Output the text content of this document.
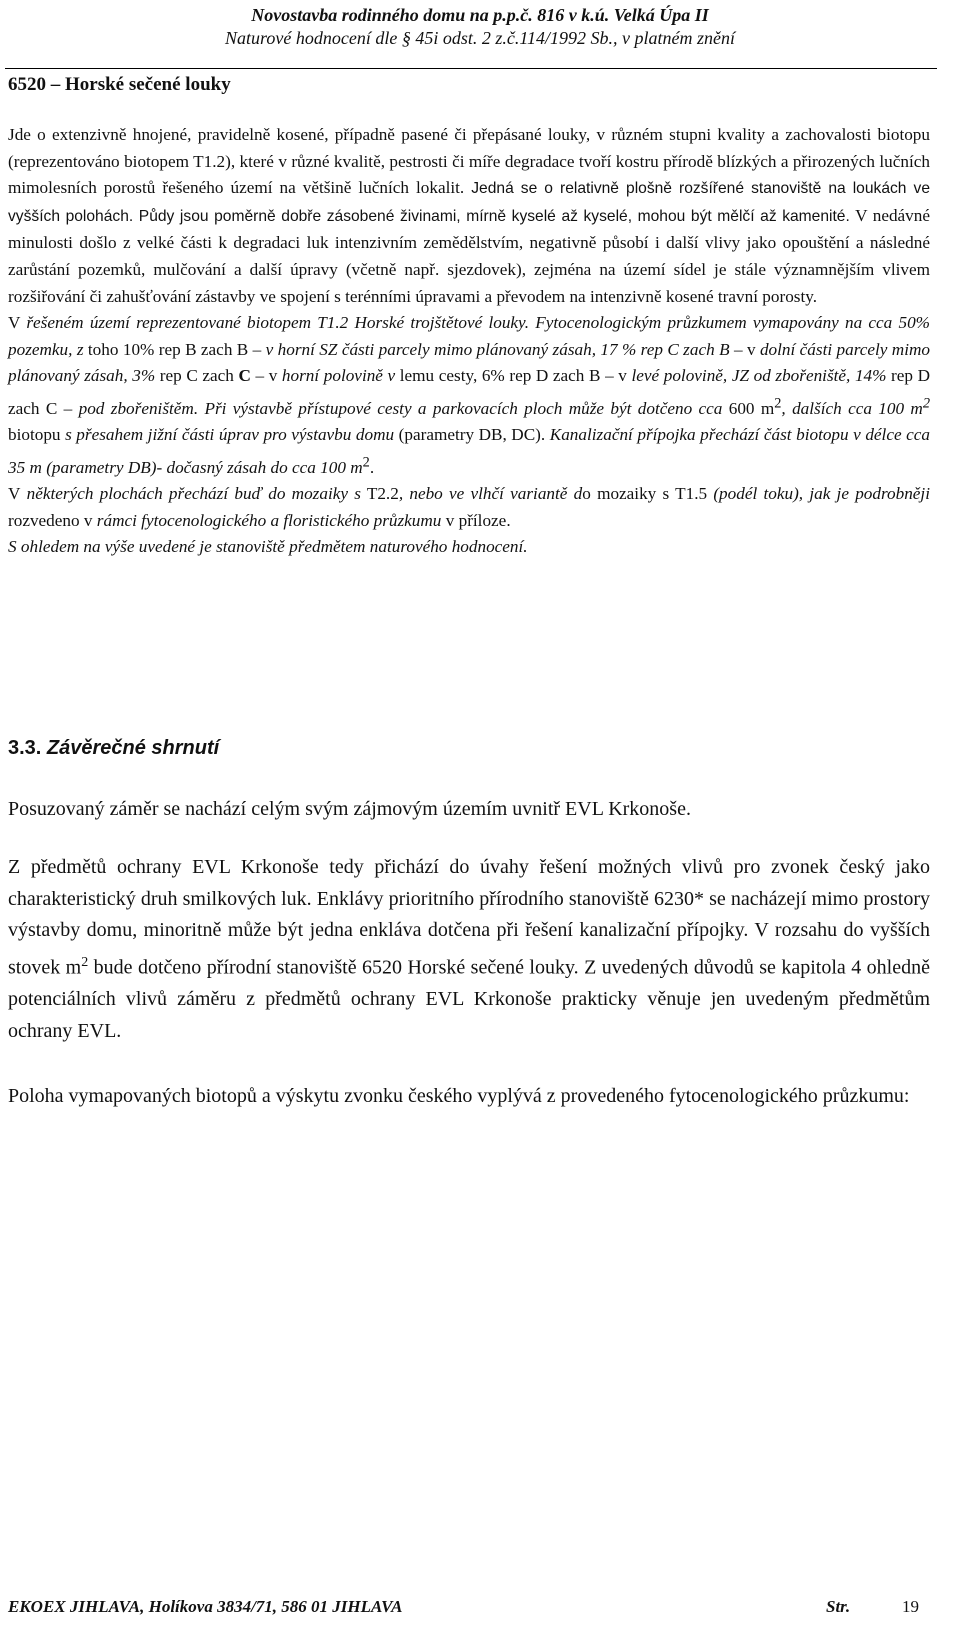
Novostavba rodinného domu na p.p.č. 816 v k.ú. Velká Úpa II
Naturové hodnocení dle § 45i odst. 2 z.č.114/1992 Sb., v platném znění
6520 – Horské sečené louky
Jde o extenzivně hnojené, pravidelně kosené, případně pasené či přepásané louky, v různém stupni kvality a zachovalosti biotopu (reprezentováno biotopem T1.2), které v různé kvalitě, pestrosti či míře degradace tvoří kostru přírodě blízkých a přirozených lučních mimolesních porostů řešeného území na většině lučních lokalit. Jedná se o relativně plošně rozšířené stanoviště na loukách ve vyšších polohách. Půdy jsou poměrně dobře zásobené živinami, mírně kyselé až kyselé, mohou být mělčí až kamenité. V nedávné minulosti došlo z velké části k degradaci luk intenzivním zemědělstvím, negativně působí i další vlivy jako opouštění a následné zarůstání pozemků, mulčování a další úpravy (včetně např. sjezdovek), zejména na území sídel je stále významnějším vlivem rozšiřování či zahušťování zástavby ve spojení s terénními úpravami a převodem na intenzivně kosené travní porosty.
V řešeném území reprezentované biotopem T1.2 Horské trojštětové louky. Fytocenologickým průzkumem vymapovány na cca 50% pozemku, z toho 10% rep B zach B – v horní SZ části parcely mimo plánovaný zásah, 17 % rep C zach B – v dolní části parcely mimo plánovaný zásah, 3% rep C zach C – v horní polovině v lemu cesty, 6% rep D zach B – v levé polovině, JZ od zbořeniště, 14% rep D zach C – pod zbořeništěm. Při výstavbě přístupové cesty a parkovacích ploch může být dotčeno cca 600 $m^2$, dalších cca 100 $m^2$ biotopu s přesahem jižní části úprav pro výstavbu domu (parametry DB, DC). Kanalizační přípojka přechází část biotopu v délce cca 35 m (parametry DB)- dočasný zásah do cca 100 $m^2$.
V některých plochách přechází buď do mozaiky s T2.2, nebo ve vlhčí variantě do mozaiky s T1.5 (podél toku), jak je podrobněji rozvedeno v rámci fytocenologického a floristického průzkumu v příloze.
S ohledem na výše uvedené je stanoviště předmětem naturového hodnocení.
3.3. Závěrečné shrnutí
Posuzovaný záměr se nachází celým svým zájmovým územím uvnitř EVL Krkonoše.
Z předmětů ochrany EVL Krkonoše tedy přichází do úvahy řešení možných vlivů pro zvonek český jako charakteristický druh smilkových luk. Enklávy prioritního přírodního stanoviště 6230* se nacházejí mimo prostory výstavby domu, minoritně může být jedna enkláva dotčena při řešení kanalizační přípojky. V rozsahu do vyšších stovek $m^2$ bude dotčeno přírodní stanoviště 6520 Horské sečené louky. Z uvedených důvodů se kapitola 4 ohledně potenciálních vlivů záměru z předmětů ochrany EVL Krkonoše prakticky věnuje jen uvedeným předmětům ochrany EVL.
Poloha vymapovaných biotopů a výskytu zvonku českého vyplývá z provedeného fytocenologického průzkumu:
EKOEX JIHLAVA, Holíkova 3834/71, 586 01 JIHLAVA	Str.	19
